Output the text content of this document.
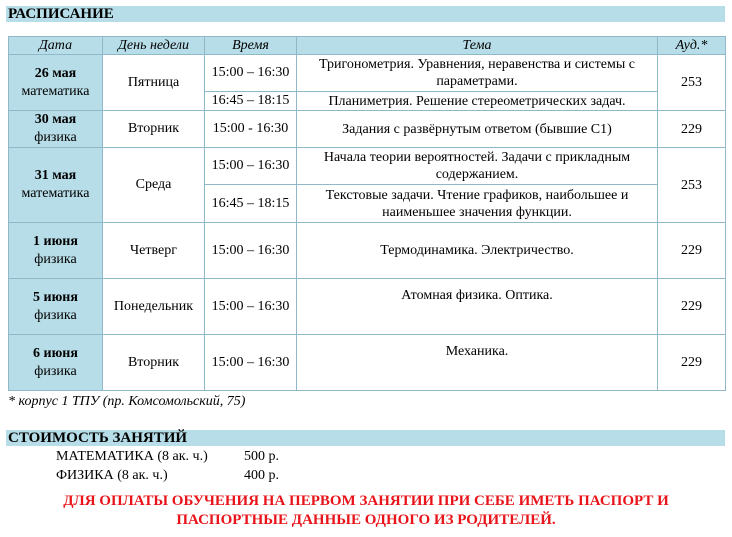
РАСПИСАНИЕ
Дата	День недели	Время	Тема	Ауд.*

26 мая
математика	Пятница	15:00 – 16:30	Тригонометрия. Уравнения, неравенства и системы с параметрами.	253
		16:45 – 18:15	Планиметрия. Решение стереометрических задач.	

30 мая
физика	Вторник	15:00 - 16:30	Задания с развёрнутым ответом (бывшие С1)	229

31 мая
математика	Среда	15:00 – 16:30	Начала теории вероятностей. Задачи с прикладным содержанием.	253
		16:45 – 18:15	Текстовые задачи. Чтение графиков, наибольшее и наименьшее значения функции.	

1 июня
физика	Четверг	15:00 – 16:30	Термодинамика. Электричество.	229

5 июня
физика	Понедельник	15:00 – 16:30	Атомная физика. Оптика.	229

6 июня
физика	Вторник	15:00 – 16:30	Механика.	229
* корпус 1 ТПУ (пр. Комсомольский, 75)
СТОИМОСТЬ ЗАНЯТИЙ
МАТЕМАТИКА (8 ак. ч.)	500 р.
ФИЗИКА (8 ак. ч.)	400 р.
ДЛЯ ОПЛАТЫ ОБУЧЕНИЯ НА ПЕРВОМ ЗАНЯТИИ ПРИ СЕБЕ ИМЕТЬ ПАСПОРТ И
ПАСПОРТНЫЕ ДАННЫЕ ОДНОГО ИЗ РОДИТЕЛЕЙ.
